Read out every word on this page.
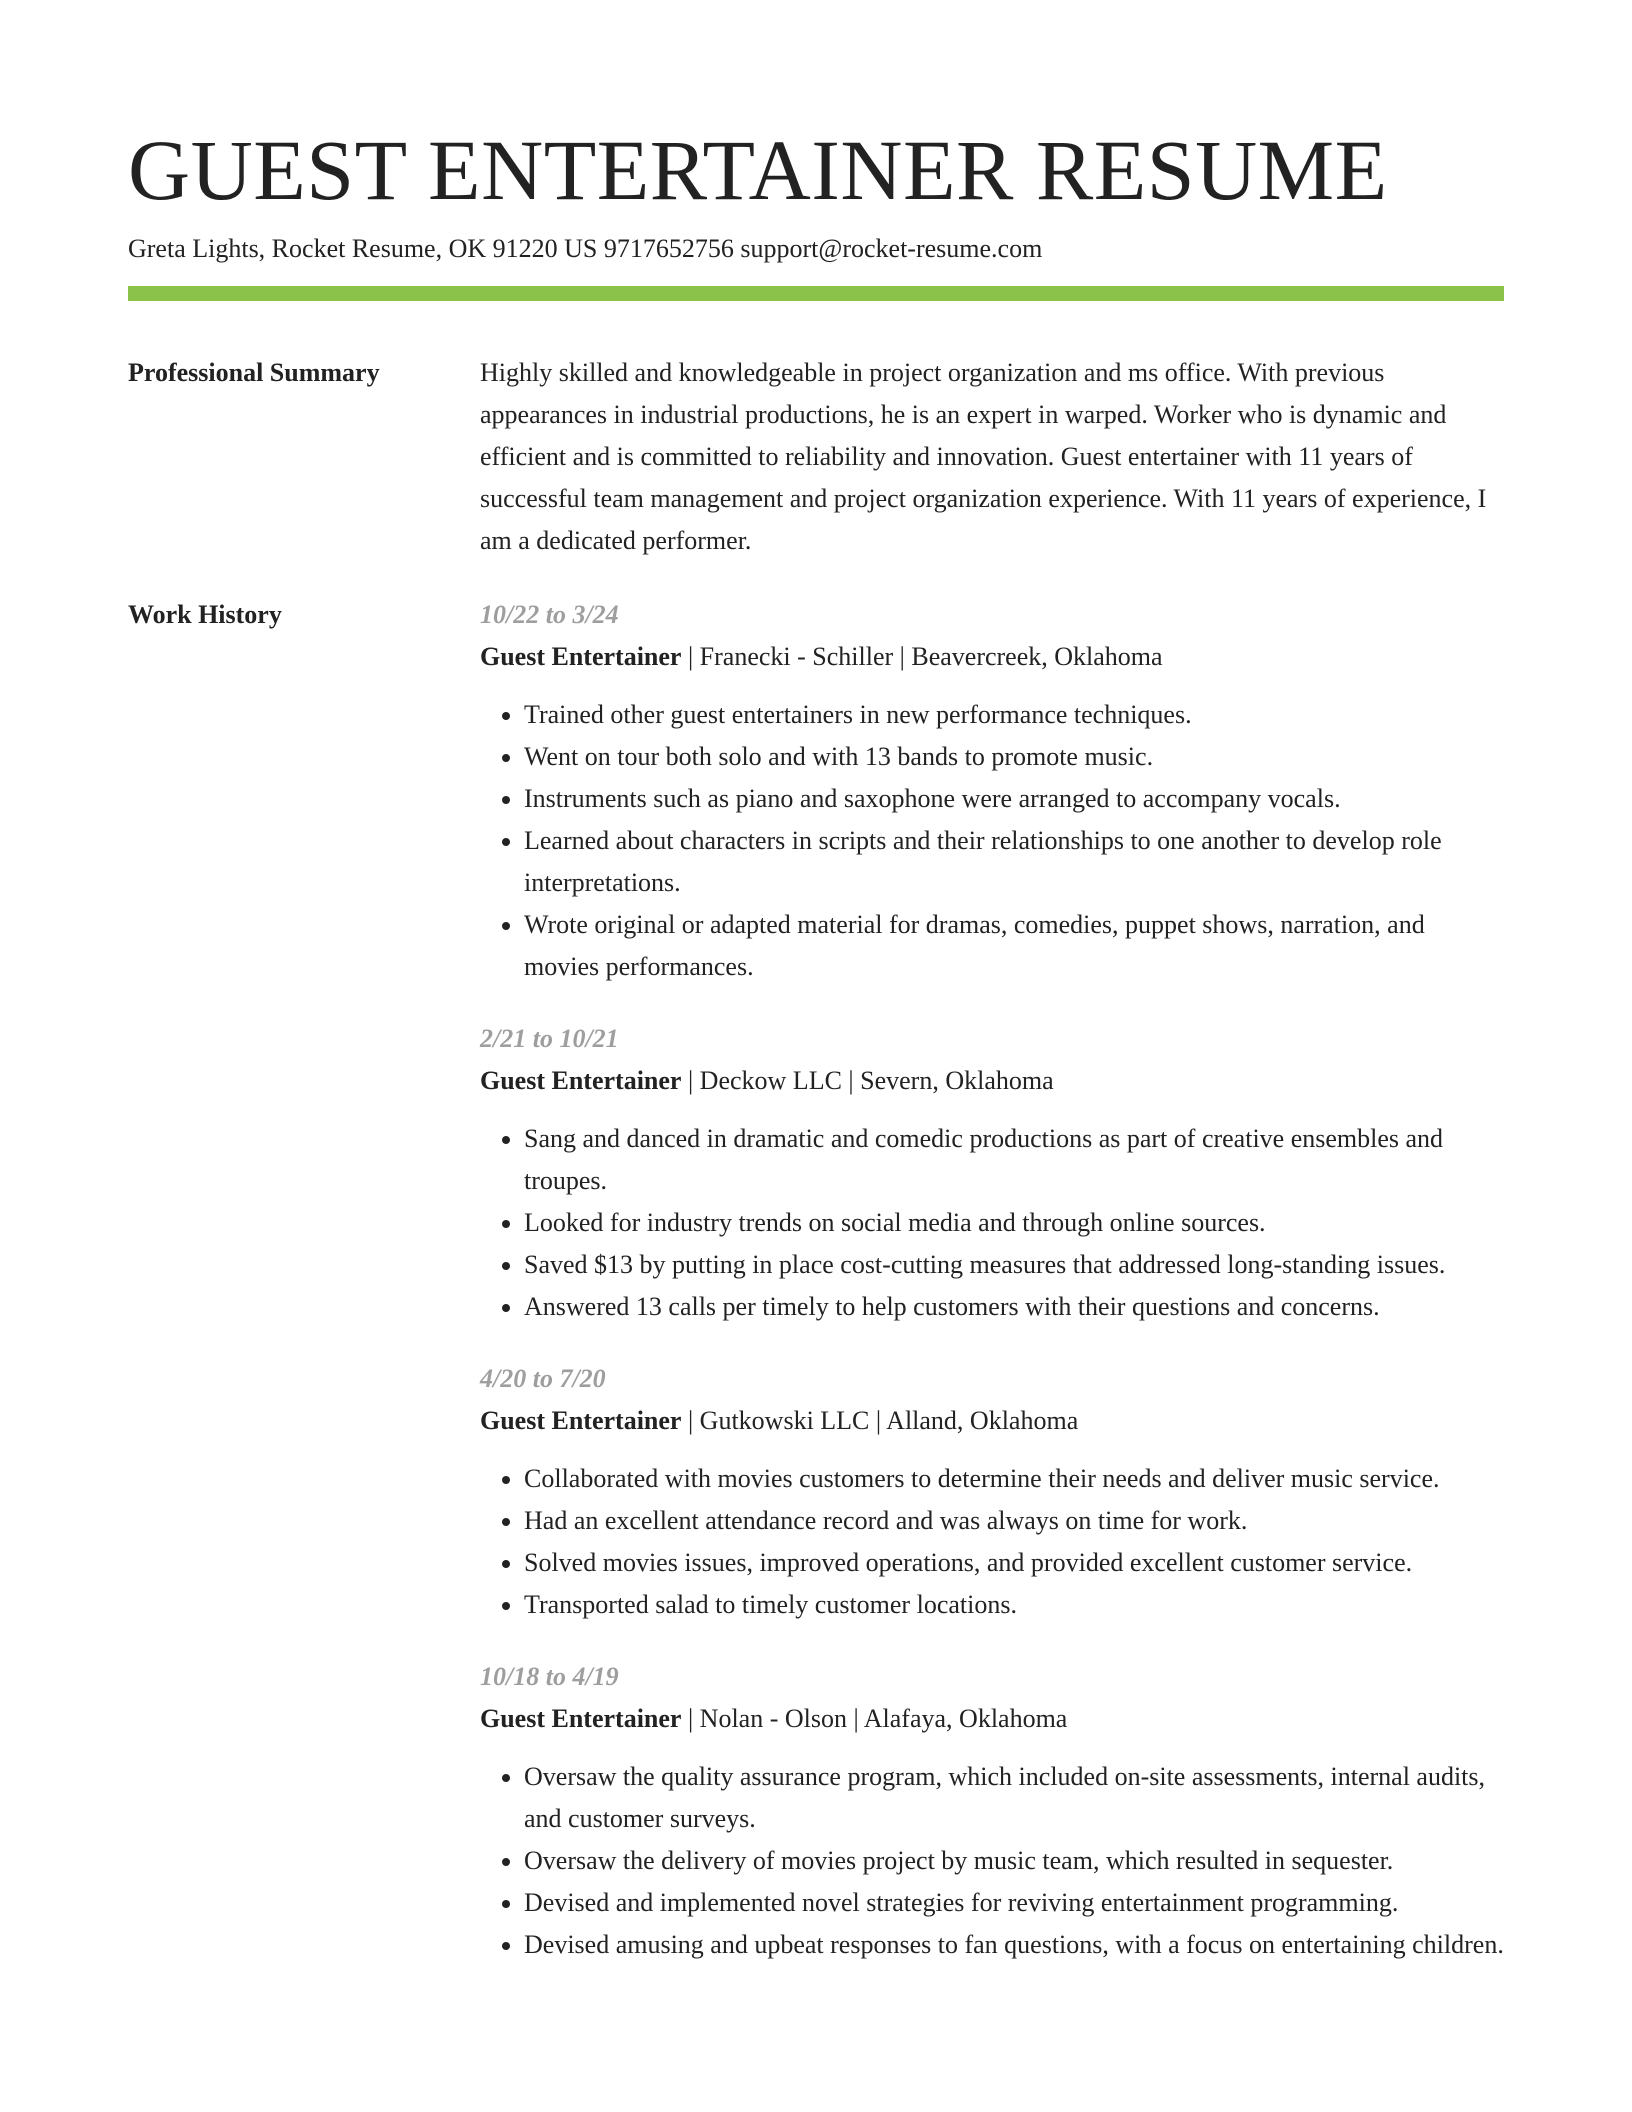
GUEST ENTERTAINER RESUME
Greta Lights, Rocket Resume, OK 91220 US 9717652756 support@rocket-resume.com
Professional Summary	Highly skilled and knowledgeable in project organization and ms office. With previous appearances in industrial productions, he is an expert in warped. Worker who is dynamic and efficient and is committed to reliability and innovation. Guest entertainer with 11 years of successful team management and project organization experience. With 11 years of experience, I am a dedicated performer.

Work History	10/22 to 3/24
Guest Entertainer | Franecki - Schiller | Beavercreek, Oklahoma
• Trained other guest entertainers in new performance techniques.
• Went on tour both solo and with 13 bands to promote music.
• Instruments such as piano and saxophone were arranged to accompany vocals.
• Learned about characters in scripts and their relationships to one another to develop role interpretations.
• Wrote original or adapted material for dramas, comedies, puppet shows, narration, and movies performances.
2/21 to 10/21
Guest Entertainer | Deckow LLC | Severn, Oklahoma
• Sang and danced in dramatic and comedic productions as part of creative ensembles and troupes.
• Looked for industry trends on social media and through online sources.
• Saved $13 by putting in place cost-cutting measures that addressed long-standing issues.
• Answered 13 calls per timely to help customers with their questions and concerns.
4/20 to 7/20
Guest Entertainer | Gutkowski LLC | Alland, Oklahoma
• Collaborated with movies customers to determine their needs and deliver music service.
• Had an excellent attendance record and was always on time for work.
• Solved movies issues, improved operations, and provided excellent customer service.
• Transported salad to timely customer locations.
10/18 to 4/19
Guest Entertainer | Nolan - Olson | Alafaya, Oklahoma
• Oversaw the quality assurance program, which included on-site assessments, internal audits, and customer surveys.
• Oversaw the delivery of movies project by music team, which resulted in sequester.
• Devised and implemented novel strategies for reviving entertainment programming.
• Devised amusing and upbeat responses to fan questions, with a focus on entertaining children.
